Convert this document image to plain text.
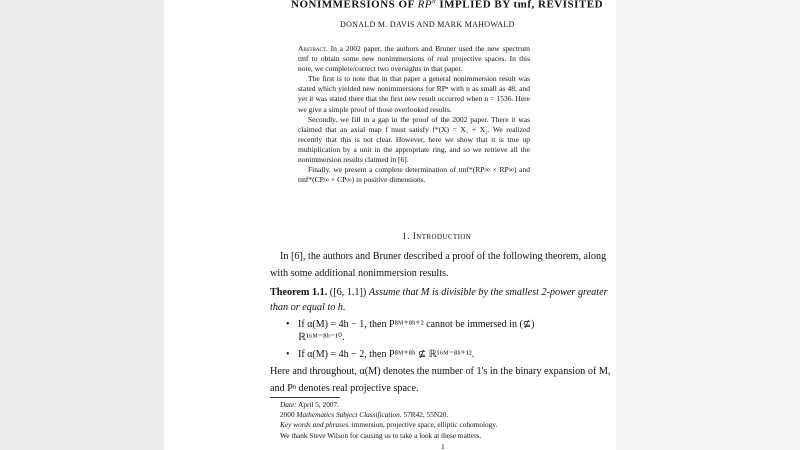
NONIMMERSIONS OF $RP^n$ IMPLIED BY tmf, REVISITED
DONALD M. DAVIS AND MARK MAHOWALD

Abstract. In a 2002 paper, the authors and Bruner used the new spectrum tmf to obtain some new nonimmersions of real projective spaces. In this note, we complete/correct two oversights in that paper.

The first is to note that in that paper a general nonimmersion result was stated which yielded new nonimmersions for RPⁿ with n as small as 48, and yet it was stated there that the first new result occurred when n = 1536. Here we give a simple proof of those overlooked results.

Secondly, we fill in a gap in the proof of the 2002 paper. There it was claimed that an axial map f must satisfy f*(X) = X₁ + X₂. We realized recently that this is not clear. However, here we show that it is true up multiplication by a unit in the appropriate ring, and so we retrieve all the nonimmersion results claimed in [6].

Finally, we present a complete determination of tmf*(RP∞ × RP∞) and tmf*(CP∞ × CP∞) in positive dimensions.

1. Introduction
In [6], the authors and Bruner described a proof of the following theorem, along
with some additional nonimmersion results.
Theorem 1.1. ([6, 1.1]) Assume that M is divisible by the smallest 2-power greater
than or equal to h.
• If α(M) = 4h − 1, then P⁸ᴹ⁺⁸ʰ⁺² cannot be immersed in (⊈)
ℝ¹⁶ᴹ⁻⁸ʰ⁻¹⁰.
• If α(M) = 4h − 2, then P⁸ᴹ⁺⁸ʰ ⊈ ℝ¹⁶ᴹ⁻⁸ʰ⁺¹².
Here and throughout, α(M) denotes the number of 1's in the binary expansion of M,
and Pⁿ denotes real projective space.
Date: April 5, 2007.
2000 Mathematics Subject Classification. 57R42, 55N20.
Key words and phrases. immersion, projective space, elliptic cohomology.
We thank Steve Wilson for causing us to take a look at these matters.
1
